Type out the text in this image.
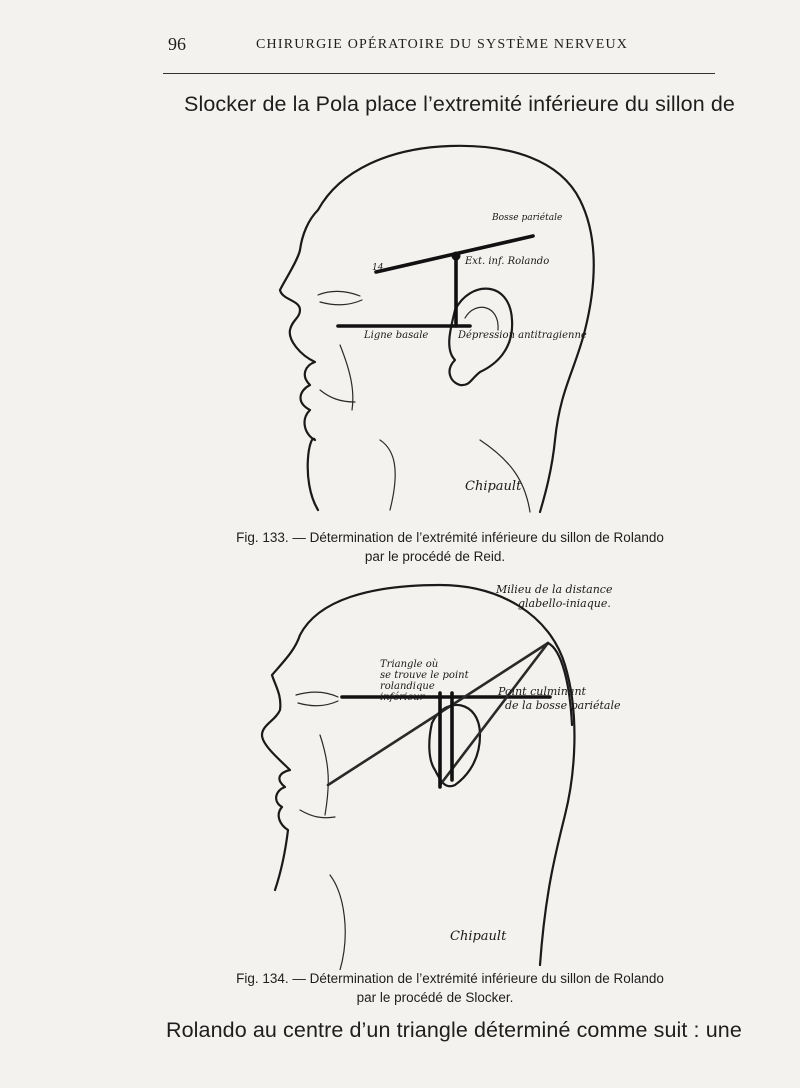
96	CHIRURGIE OPÉRATOIRE DU SYSTÈME NERVEUX
Slocker de la Pola place l’extremité inférieure du sillon de
Bosse pariétale
Ext. inf. Rolando
14
Ligne basale	Dépression antitragienne
Chipault
Fig. 133. — Détermination de l’extrémité inférieure du sillon de Rolando
par le procédé de Reid.
Milieu de la distance
glabello-iniaque.
Triangle où
se trouve le point
rolandique
inférieur	Point culminant
de la bosse pariétale
Chipault
Fig. 134. — Détermination de l’extrémité inférieure du sillon de Rolando
par le procédé de Slocker.
Rolando au centre d’un triangle déterminé comme suit : une
